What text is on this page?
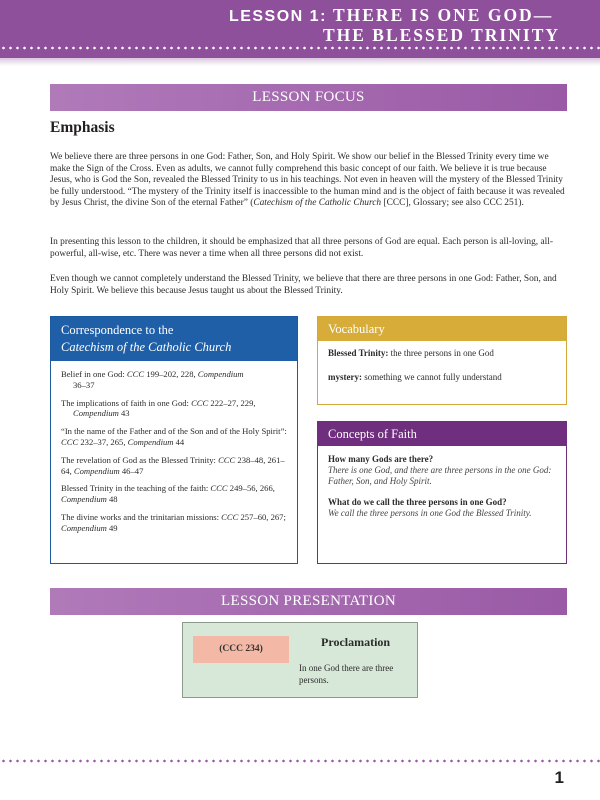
LESSON 1: THERE IS ONE GOD—
THE BLESSED TRINITY
LESSON FOCUS
Emphasis
We believe there are three persons in one God: Father, Son, and Holy Spirit. We show our belief in the Blessed Trinity every time we make the Sign of the Cross. Even as adults, we cannot fully comprehend this basic concept of our faith. We believe it is true because Jesus, who is God the Son, revealed the Blessed Trinity to us in his teachings. Not even in heaven will the mystery of the Blessed Trinity be fully understood. “The mystery of the Trinity itself is inaccessible to the human mind and is the object of faith because it was revealed by Jesus Christ, the divine Son of the eternal Father” (Catechism of the Catholic Church [CCC], Glossary; see also CCC 251).
In presenting this lesson to the children, it should be emphasized that all three persons of God are equal. Each person is all-loving, all-powerful, all-wise, etc. There was never a time when all three persons did not exist.
Even though we cannot completely understand the Blessed Trinity, we believe that there are three persons in one God: Father, Son, and Holy Spirit. We believe this because Jesus taught us about the Blessed Trinity.
Correspondence to the
Catechism of the Catholic Church
Belief in one God: CCC 199–202, 228, Compendium
36–37
The implications of faith in one God: CCC 222–27, 229,
Compendium 43
“In the name of the Father and of the Son and of the Holy Spirit”: CCC 232–37, 265, Compendium 44
The revelation of God as the Blessed Trinity: CCC 238–48, 261–64, Compendium 46–47
Blessed Trinity in the teaching of the faith: CCC 249–56, 266, Compendium 48
The divine works and the trinitarian missions: CCC 257–60, 267; Compendium 49
Vocabulary
Blessed Trinity: the three persons in one God
mystery: something we cannot fully understand
Concepts of Faith
How many Gods are there?
There is one God, and there are three persons in the one God: Father, Son, and Holy Spirit.
What do we call the three persons in one God?
We call the three persons in one God the Blessed Trinity.
LESSON PRESENTATION
(CCC 234)	Proclamation
In one God there are three persons.
1
